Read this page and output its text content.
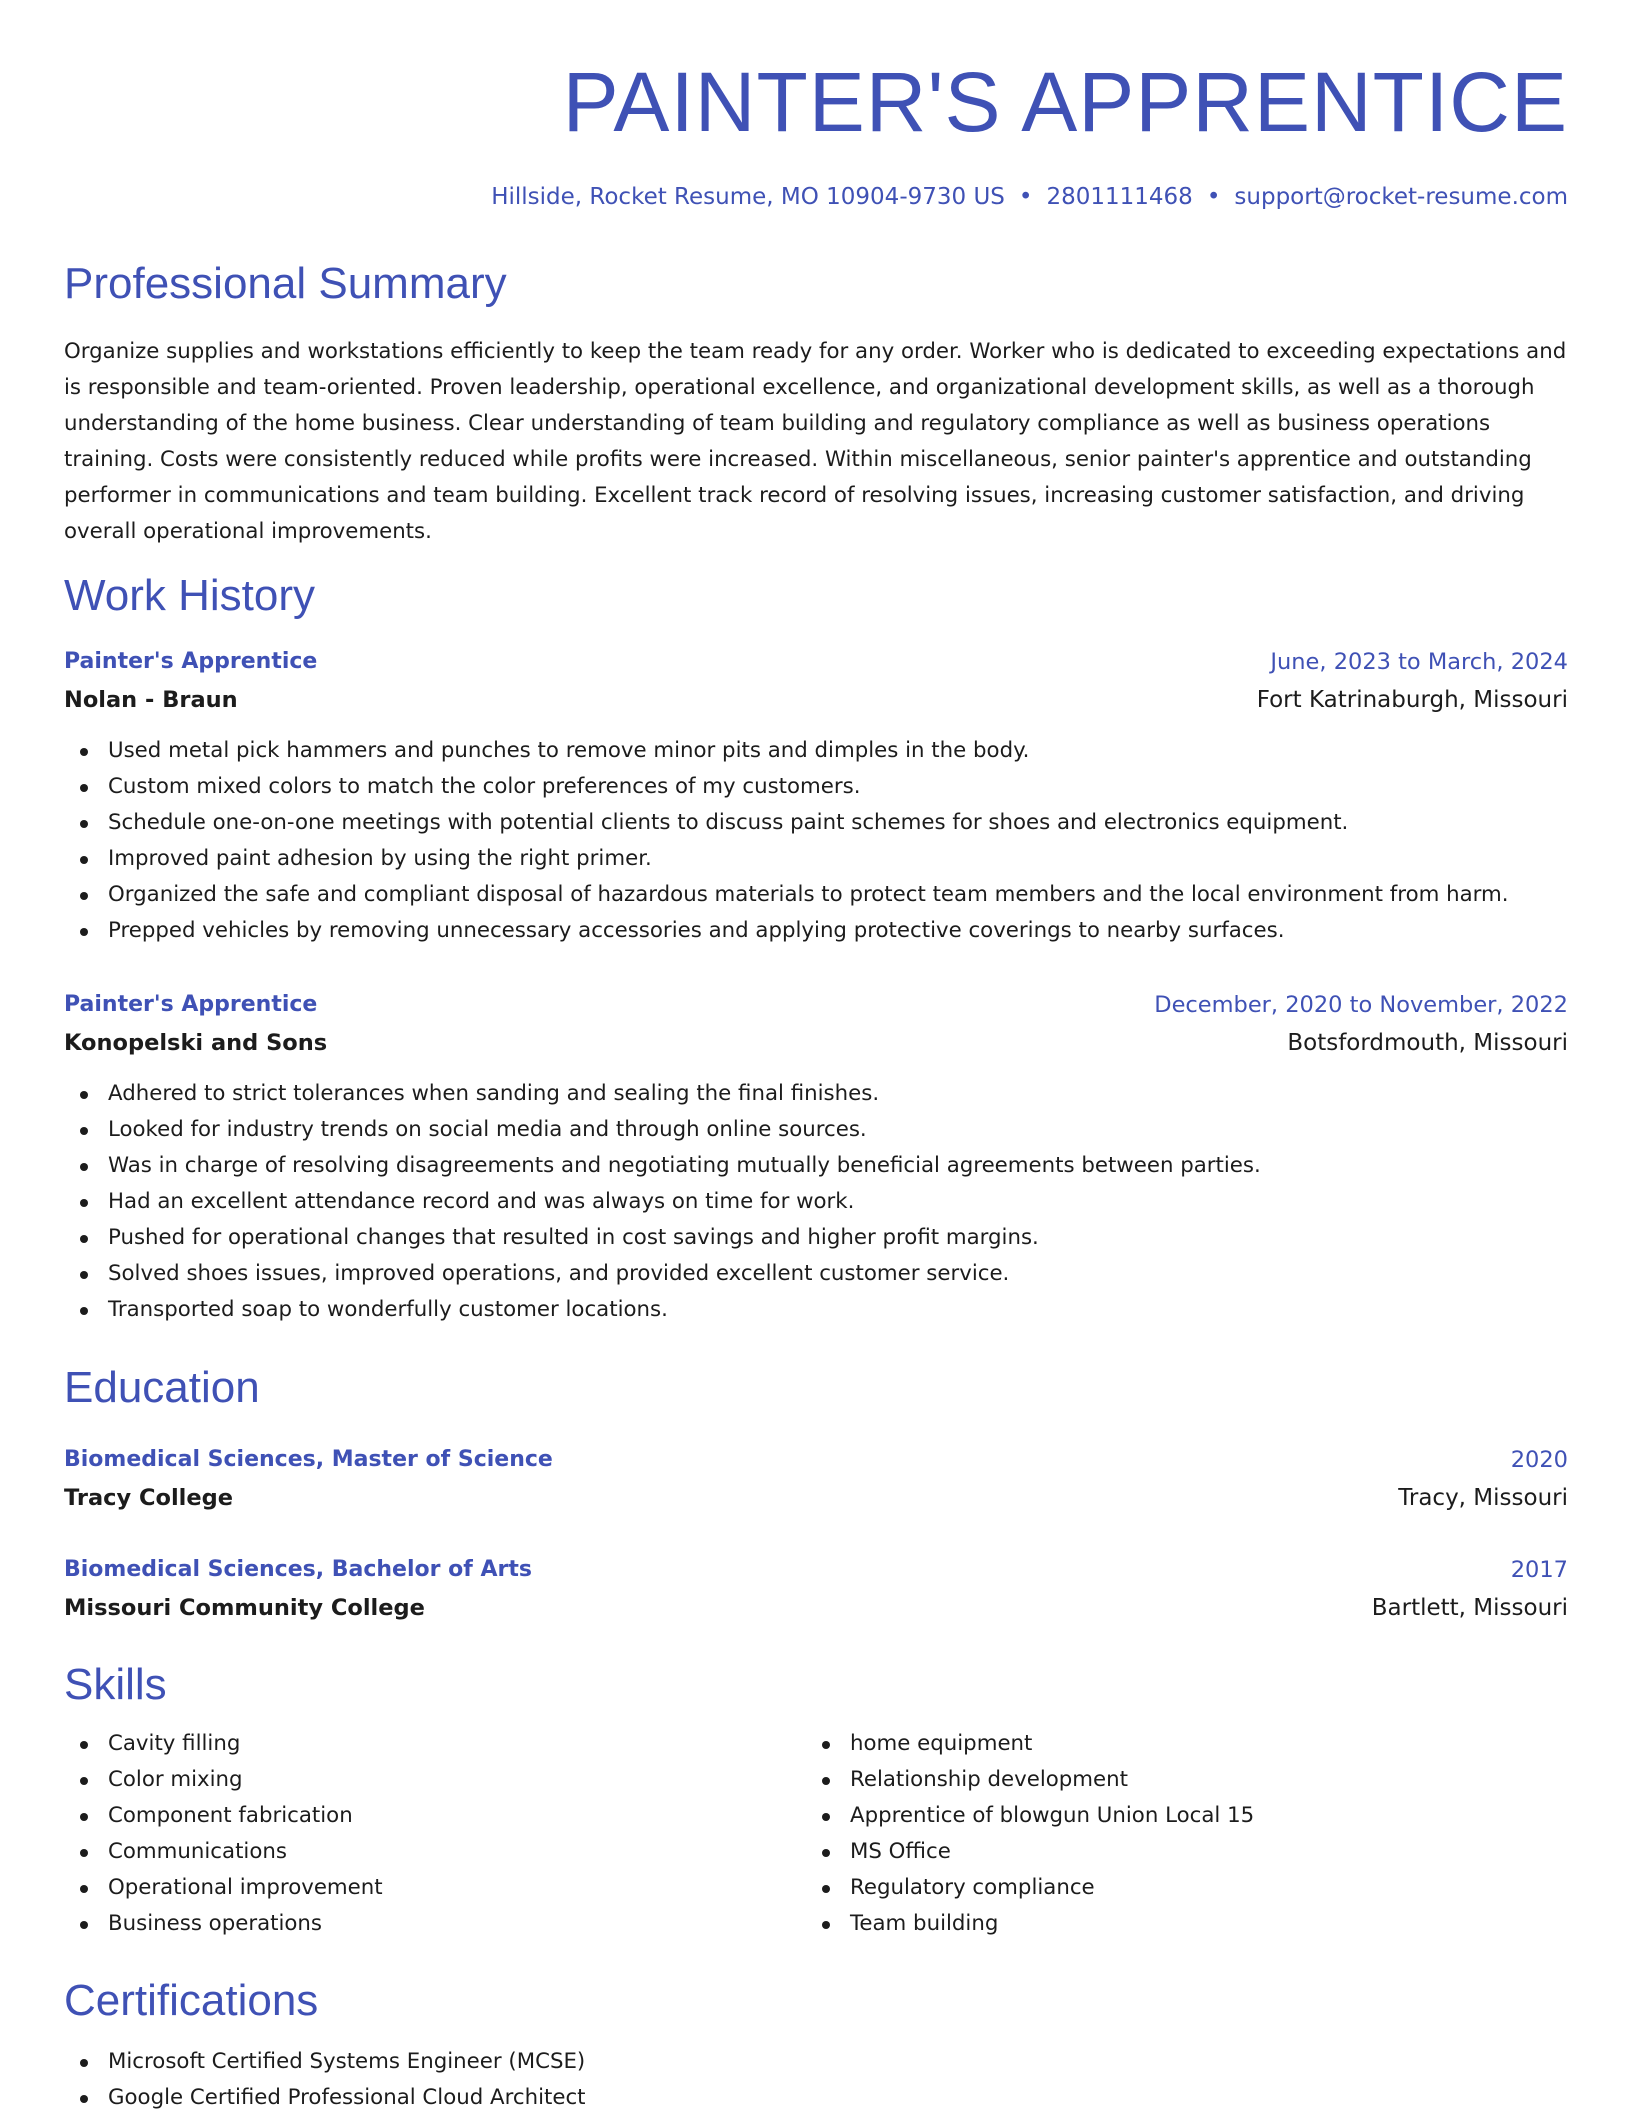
PAINTER'S APPRENTICE
Hillside, Rocket Resume, MO 10904-9730 US • 2801111468 • support@rocket-resume.com
Professional Summary

Organize supplies and workstations efficiently to keep the team ready for any order. Worker who is dedicated to exceeding expectations and is responsible and team-oriented. Proven leadership, operational excellence, and organizational development skills, as well as a thorough understanding of the home business. Clear understanding of team building and regulatory compliance as well as business operations training. Costs were consistently reduced while profits were increased. Within miscellaneous, senior painter's apprentice and outstanding performer in communications and team building. Excellent track record of resolving issues, increasing customer satisfaction, and driving overall operational improvements.

Work History
Painter's Apprentice	June, 2023 to March, 2024
Nolan - Braun	Fort Katrinaburgh, Missouri
Used metal pick hammers and punches to remove minor pits and dimples in the body.
Custom mixed colors to match the color preferences of my customers.
Schedule one-on-one meetings with potential clients to discuss paint schemes for shoes and electronics equipment.
Improved paint adhesion by using the right primer.
Organized the safe and compliant disposal of hazardous materials to protect team members and the local environment from harm.
Prepped vehicles by removing unnecessary accessories and applying protective coverings to nearby surfaces.
Painter's Apprentice	December, 2020 to November, 2022
Konopelski and Sons	Botsfordmouth, Missouri
Adhered to strict tolerances when sanding and sealing the final finishes.
Looked for industry trends on social media and through online sources.
Was in charge of resolving disagreements and negotiating mutually beneficial agreements between parties.
Had an excellent attendance record and was always on time for work.
Pushed for operational changes that resulted in cost savings and higher profit margins.
Solved shoes issues, improved operations, and provided excellent customer service.
Transported soap to wonderfully customer locations.
Education
Biomedical Sciences, Master of Science	2020
Tracy College	Tracy, Missouri
Biomedical Sciences, Bachelor of Arts	2017
Missouri Community College	Bartlett, Missouri
Skills
Cavity filling
Color mixing
Component fabrication
Communications
Operational improvement
Business operations
home equipment
Relationship development
Apprentice of blowgun Union Local 15
MS Office
Regulatory compliance
Team building
Certifications
Microsoft Certified Systems Engineer (MCSE)
Google Certified Professional Cloud Architect
